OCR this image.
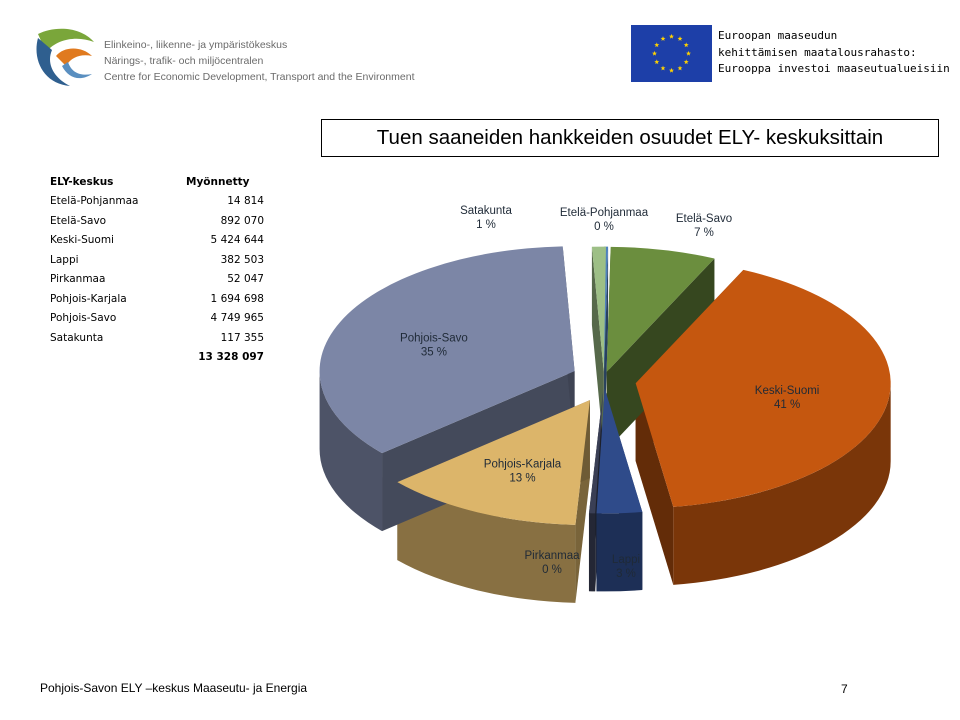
Elinkeino-, liikenne- ja ympäristökeskus
Närings-, trafik- och miljöcentralen
Centre for Economic Development, Transport and the Environment
Euroopan maaseudun
kehittämisen maatalousrahasto:
Eurooppa investoi maaseutualueisiin
Tuen saaneiden hankkeiden osuudet ELY- keskuksittain
ELY-keskus	Myönnetty
Etelä-Pohjanmaa	14 814
Etelä-Savo	892 070
Keski-Suomi	5 424 644
Lappi	382 503
Pirkanmaa	52 047
Pohjois-Karjala	1 694 698
Pohjois-Savo	4 749 965
Satakunta	117 355
	13 328 097
Etelä-Pohjanmaa
0 %
Etelä-Savo
7 %
Keski-Suomi
41 %
Lappi
3 %
Pirkanmaa
0 %
Pohjois-Karjala
13 %
Pohjois-Savo
35 %
Satakunta
1 %
Pohjois-Savon ELY –keskus Maaseutu- ja Energia	7
